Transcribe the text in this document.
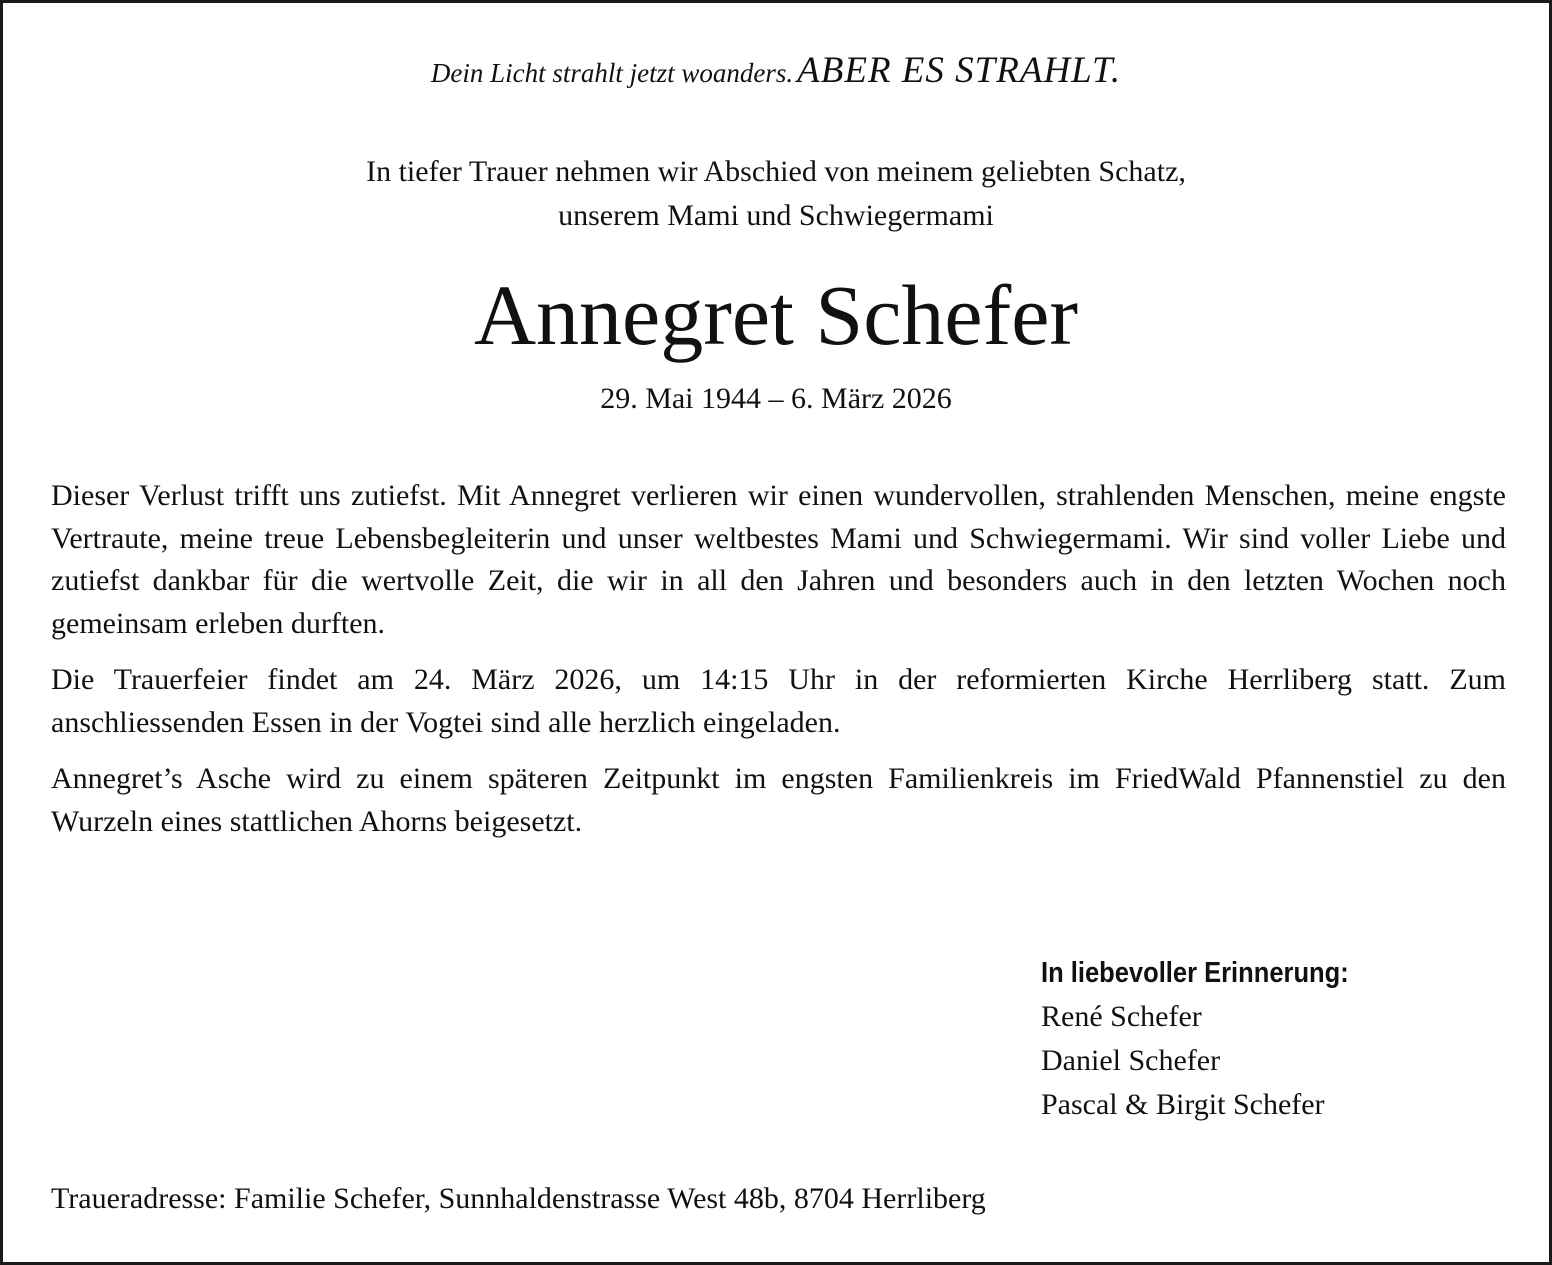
Dein Licht strahlt jetzt woanders. ABER ES STRAHLT.
In tiefer Trauer nehmen wir Abschied von meinem geliebten Schatz,
unserem Mami und Schwiegermami
Annegret Schefer
29. Mai 1944 – 6. März 2026

Dieser Verlust trifft uns zutiefst. Mit Annegret verlieren wir einen wundervollen, strahlenden Menschen, meine engste Vertraute, meine treue Lebensbegleiterin und unser weltbestes Mami und Schwiegermami. Wir sind voller Liebe und zutiefst dankbar für die wertvolle Zeit, die wir in all den Jahren und besonders auch in den letzten Wochen noch gemeinsam erleben durften.

Die Trauerfeier findet am 24. März 2026, um 14:15 Uhr in der reformierten Kirche Herrliberg statt. Zum anschliessenden Essen in der Vogtei sind alle herzlich eingeladen.

Annegret’s Asche wird zu einem späteren Zeitpunkt im engsten Familienkreis im FriedWald Pfannenstiel zu den Wurzeln eines stattlichen Ahorns beigesetzt.

In liebevoller Erinnerung:
René Schefer
Daniel Schefer
Pascal & Birgit Schefer
Traueradresse: Familie Schefer, Sunnhaldenstrasse West 48b, 8704 Herrliberg
